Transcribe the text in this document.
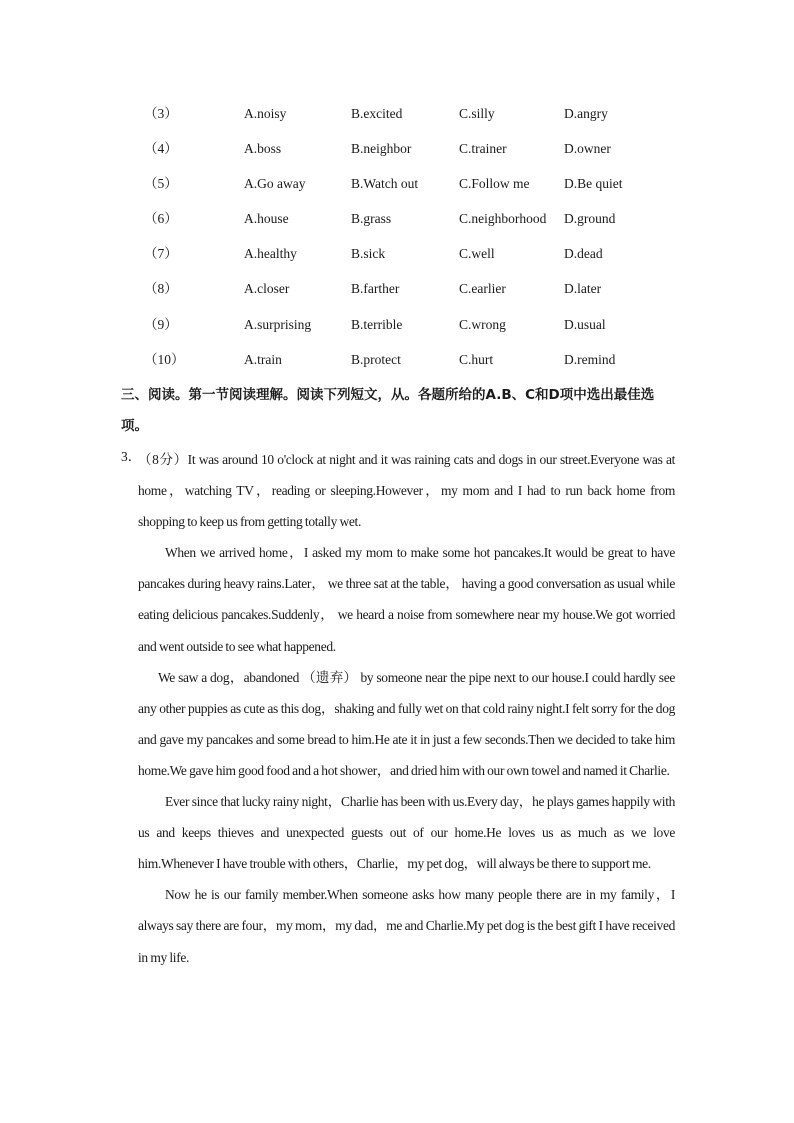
（3）	A.noisy	B.excited	C.silly	D.angry
（4）	A.boss	B.neighbor	C.trainer	D.owner
（5）	A.Go away	B.Watch out	C.Follow me	D.Be quiet
（6）	A.house	B.grass	C.neighborhood D.ground
（7）	A.healthy	B.sick	C.well	D.dead
（8）	A.closer	B.farther	C.earlier	D.later
（9）	A.surprising	B.terrible	C.wrong	D.usual
（10）	A.train	B.protect	C.hurt	D.remind
三、阅读。第一节阅读理解。阅读下列短文，从。各题所给的A.B、C和D项中选出最佳选项。
3．

（8分）It was around 10 o'clock at night and it was raining cats and dogs in our street.Everyone was at home，watching TV，reading or sleeping.However，my mom and I had to run back home from shopping to keep us from getting totally wet.

When we arrived home，I asked my mom to make some hot pancakes.It would be great to have pancakes during heavy rains.Later， we three sat at the table， having a good conversation as usual while eating delicious pancakes.Suddenly， we heard a noise from somewhere near my house.We got worried and went outside to see what happened.

We saw a dog，abandoned （遗弃） by someone near the pipe next to our house.I could hardly see any other puppies as cute as this dog，shaking and fully wet on that cold rainy night.I felt sorry for the dog and gave my pancakes and some bread to him.He ate it in just a few seconds.Then we decided to take him home.We gave him good food and a hot shower，and dried him with our own towel and named it Charlie.

Ever since that lucky rainy night，Charlie has been with us.Every day，he plays games happily with us and keeps thieves and unexpected guests out of our home.He loves us as much as we love him.Whenever I have trouble with others，Charlie，my pet dog，will always be there to support me.

Now he is our family member.When someone asks how many people there are in my family，I always say there are four，my mom，my dad，me and Charlie.My pet dog is the best gift I have received in my life.
